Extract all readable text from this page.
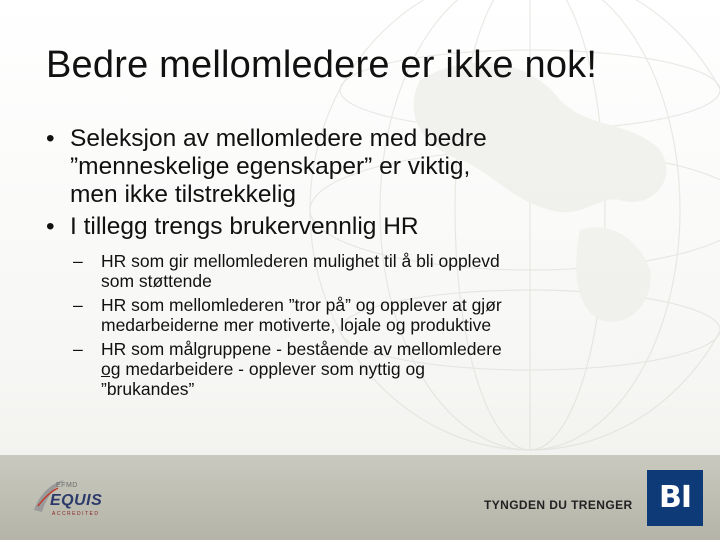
Bedre mellomledere er ikke nok!
• Seleksjon av mellomledere med bedre
”menneskelige egenskaper” er viktig,
men ikke tilstrekkelig
• I tillegg trengs brukervennlig HR
– HR som gir mellomlederen mulighet til å bli opplevd
som støttende
– HR som mellomlederen ”tror på” og opplever at gjør
medarbeiderne mer motiverte, lojale og produktive
– HR som målgruppene - bestående av mellomledere
og medarbeidere - opplever som nyttig og
”brukandes”
EFMD
EQUIS
ACCREDITED
TYNGDEN DU TRENGER BI
